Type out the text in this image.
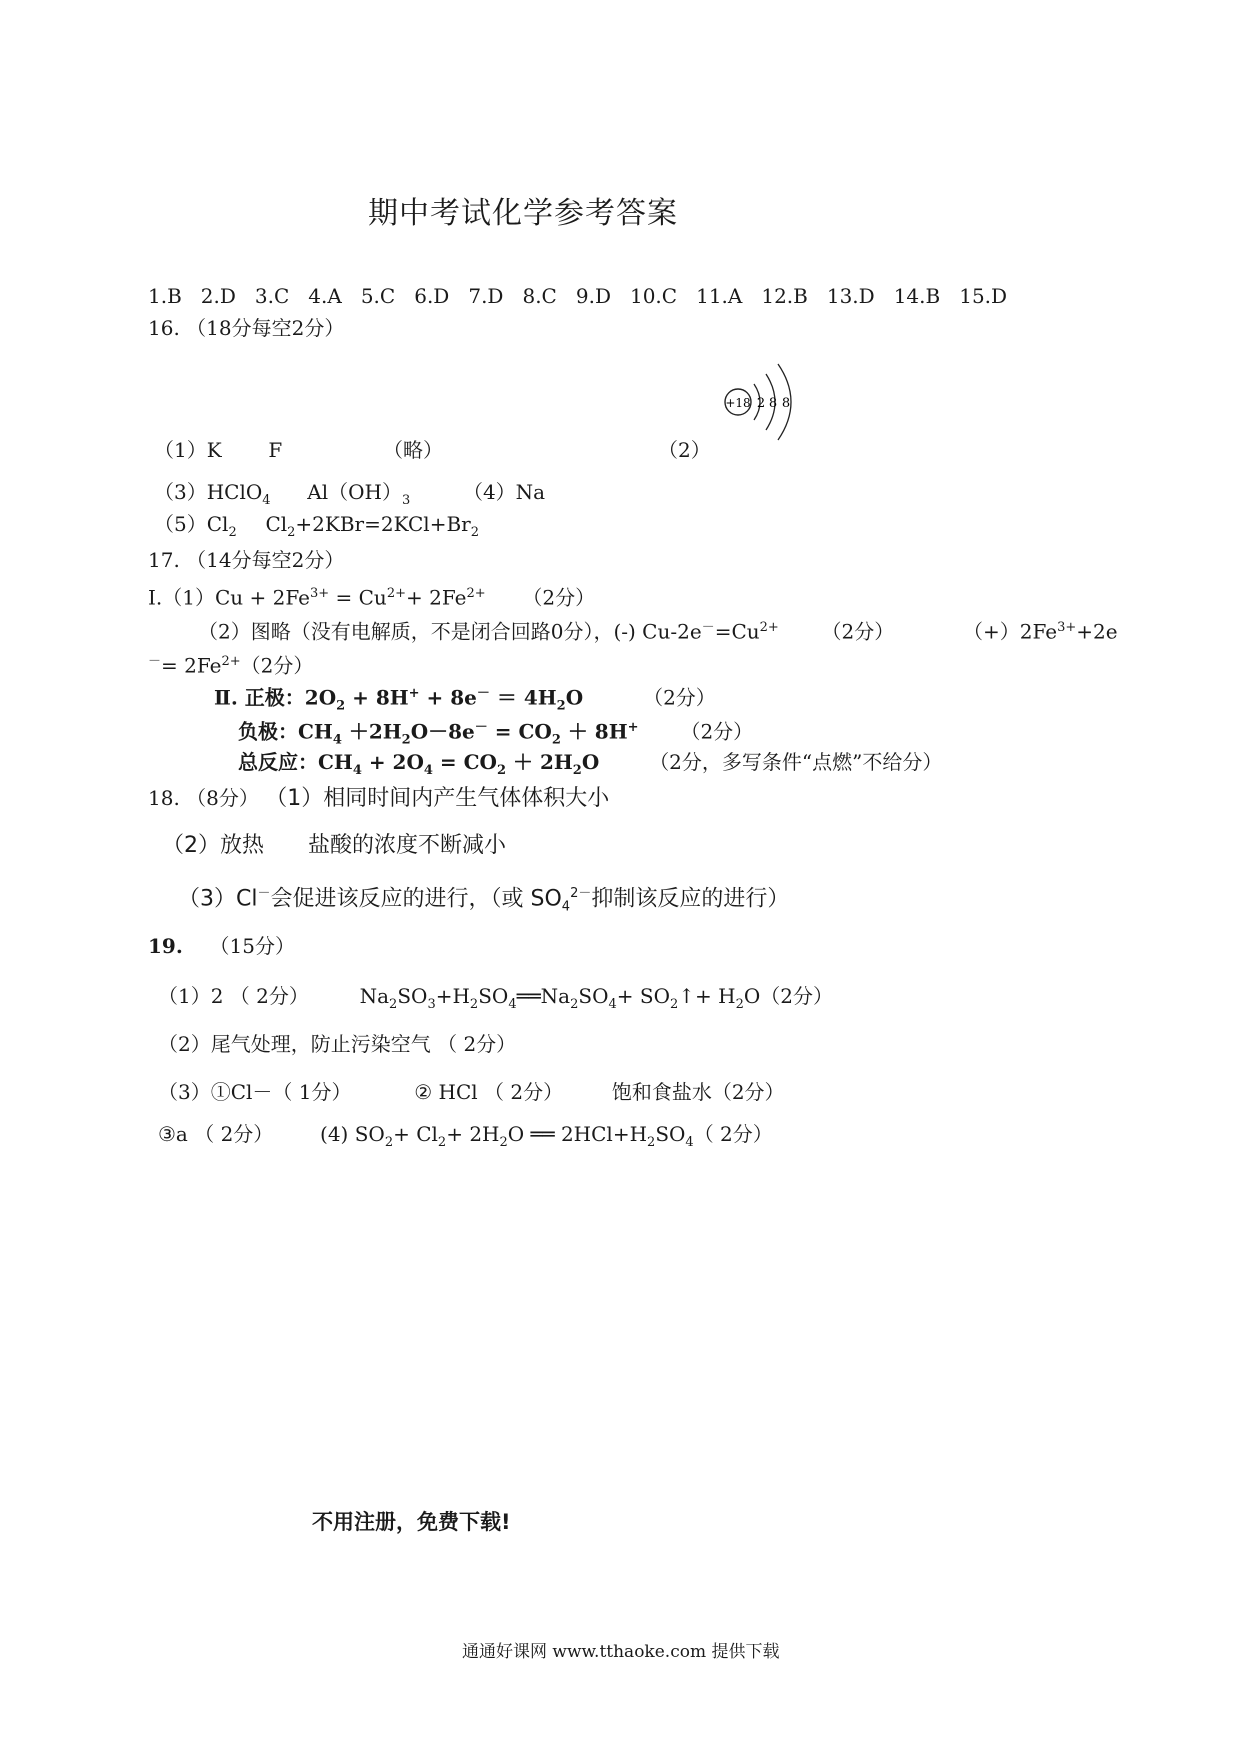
期中考试化学参考答案
1.B 2.D 3.C 4.A 5.C 6.D 7.D 8.C 9.D 10.C 11.A 12.B 13.D 14.B 15.D
16. （18分每空2分）
（1）K F	（略）	（2）
+18 2 8 8
（3）HClO$_4$ $Al(OH)_3$	（4）Na
$(5)Cl_2$ $Cl_2+2KBr=2KCl+Br_2$
17. （14分每空2分）
Ⅰ.（1）Cu + $2Fe^{3+} = Cu^{2+}+ 2Fe^{2+}$ （2分）
（2）图略（没有电解质，不是闭合回路0分），(-) $Cu-2e^-=Cu^{2+}$ （2分）	$(+)2Fe^{3+}+2e$
$^-= 2Fe^{2+}(2$分）
Ⅱ. 正极：$2O_2 + 8H^+ + 8e^- = 4H_2O$	（2分）
负极：$CH_4 +2H_2O-8e^- = CO_2 + 8H^+$ （2分）
总反应：$CH_4 + 2O_4 = CO_2 + 2H_2O$ （2分，多写条件“点燃”不给分）
18. （8分） （1）相同时间内产生气体体积大小
（2）放热 盐酸的浓度不断减小
（3）Cl－会促进该反应的进行，（或 $SO_4^{2-}$抑制该反应的进行）
19. （15分）
（1）2 （ 2分）	$Na_2SO_3+H_2SO_4══Na_2SO_4+$ $SO_2↑+ H_2O(2$分）
（2）尾气处理，防止污染空气 （ 2分）
（3）①Cl－（ 1分）	② HCl （ 2分） 饱和食盐水（2分）
③a （ 2分） (4) $SO_2+ Cl_2+ 2H_2O$ ══ $2HCl+H_2SO_4$（ 2分）
不用注册，免费下载!
通通好课网 www.tthaoke.com 提供下载
